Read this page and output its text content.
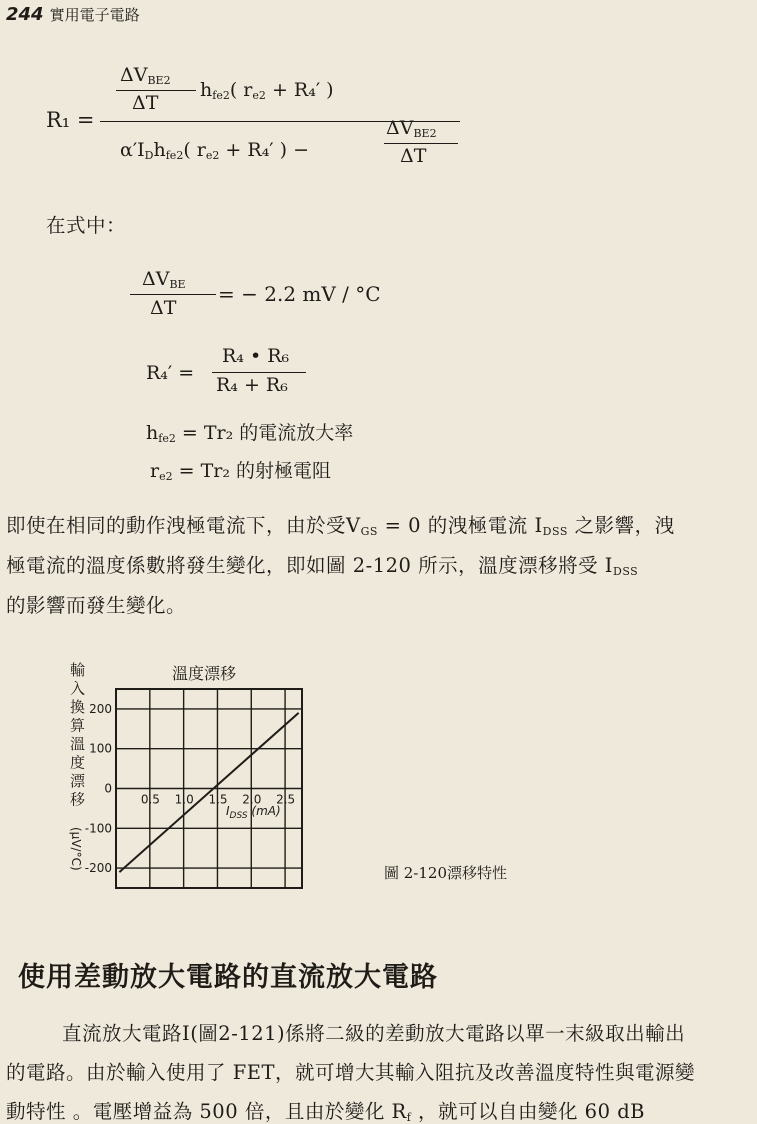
244 實用電子電路
R₁ =
$\Delta V_{BE2}$
ΔT
$h_{fe2}$( $r_{e2} + R_4'$ )
$\alpha'I_Dh_{fe2}$( $r_{e2} + R_4'$ ) −
$\Delta V_{BE2}$
ΔT
在式中：
$\Delta V_{BE}$
ΔT
= − 2.2 mV / °C
R₄′ =
R₄ • R₆
R₄ + R₆
$h_{fe2} = Tr_2$ 的電流放大率
$r_{e2} = Tr_2$ 的射極電阻
即使在相同的動作洩極電流下，由於受$V_{GS} = 0$ 的洩極電流 $I_{DSS}$ 之影響，洩
極電流的溫度係數將發生變化，即如圖 2-120 所示，溫度漂移將受 $I_{DSS}$
的影響而發生變化。
溫度漂移
輸
入
換
算
溫
度
漂
移
(μV/°C)
0.5 1.0 1.5 2.0 2.5
200
100
0
-100
-200
$I_{DSS}$ (mA)
圖 2-120漂移特性
使用差動放大電路的直流放大電路
直流放大電路Ⅰ(圖2-121)係將二級的差動放大電路以單一末級取出輸出
的電路。由於輸入使用了 FET，就可增大其輸入阻抗及改善溫度特性與電源變
動特性 。電壓增益為 500 倍，且由於變化 $R_f$ ，就可以自由變化 60 dB
